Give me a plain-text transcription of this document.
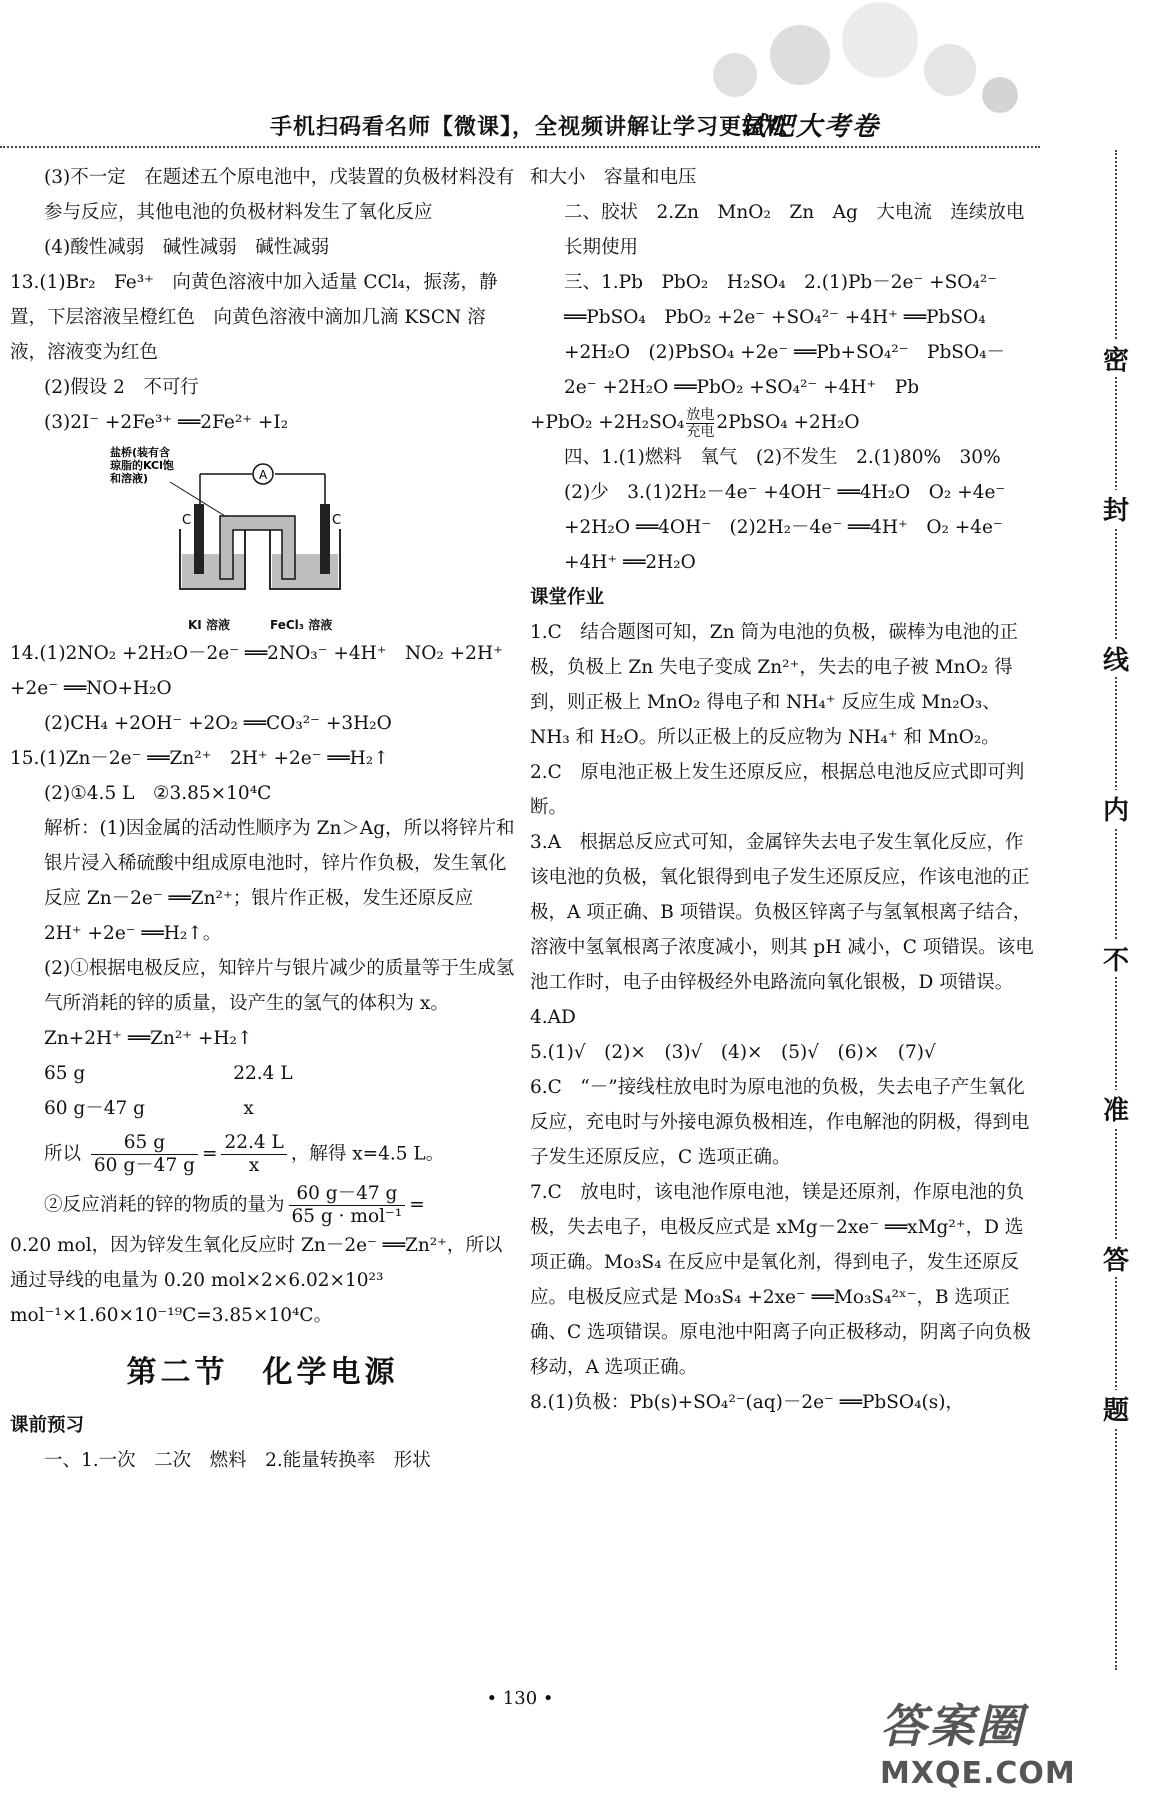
手机扫码看名师【微课】，全视频讲解让学习更轻松
试吧大考卷

(3)不一定　在题述五个原电池中，戊装置的负极材料没有参与反应，其他电池的负极材料发生了氧化反应

(4)酸性减弱　碱性减弱　碱性减弱

13.(1)Br₂　Fe³⁺　向黄色溶液中加入适量 CCl₄，振荡，静置，下层溶液呈橙红色　向黄色溶液中滴加几滴 KSCN 溶液，溶液变为红色

(2)假设 2　不可行

(3)2I⁻ +2Fe³⁺ ══2Fe²⁺ +I₂

盐桥(装有含
琼脂的KCl饱
和溶液)	A
C	C
KI 溶液	FeCl₃ 溶液

14.(1)2NO₂ +2H₂O－2e⁻ ══2NO₃⁻ +4H⁺　NO₂ +2H⁺ +2e⁻ ══NO+H₂O

(2)CH₄ +2OH⁻ +2O₂ ══CO₃²⁻ +3H₂O

15.(1)Zn－2e⁻ ══Zn²⁺　2H⁺ +2e⁻ ══H₂↑

(2)①4.5 L　②3.85×10⁴C

解析：(1)因金属的活动性顺序为 Zn＞Ag，所以将锌片和银片浸入稀硫酸中组成原电池时，锌片作负极，发生氧化反应 Zn－2e⁻ ══Zn²⁺；银片作正极，发生还原反应 2H⁺ +2e⁻ ══H₂↑。

(2)①根据电极反应，知锌片与银片减少的质量等于生成氢气所消耗的锌的质量，设产生的氢气的体积为 x。

Zn+2H⁺ ══Zn²⁺ +H₂↑

65 g　　　　　　　　22.4 L

60 g－47 g　　　　　 x

所以 $\frac{65 g}{60 g-47 g} = \frac{22.4 L}{x}$ ，解得 x=4.5 L。

②反应消耗的锌的物质的量为 $\frac{60 g-47 g}{\text{65 g · mol⁻¹}}$ =

0.20 mol，因为锌发生氧化反应时 Zn－2e⁻ ══Zn²⁺，所以通过导线的电量为 0.20 mol×2×6.02×10²³ mol⁻¹×1.60×10⁻¹⁹C=3.85×10⁴C。

第二节　化学电源

课前预习

一、1.一次　二次　燃料　2.能量转换率　形状

和大小　容量和电压

二、胶状　2.Zn　MnO₂　Zn　Ag　大电流　连续放电　长期使用

三、1.Pb　PbO₂　H₂SO₄　2.(1)Pb－2e⁻ +SO₄²⁻ ══PbSO₄　PbO₂ +2e⁻ +SO₄²⁻ +4H⁺ ══PbSO₄ +2H₂O　(2)PbSO₄ +2e⁻ ══Pb+SO₄²⁻　PbSO₄－2e⁻ +2H₂O ══PbO₂ +SO₄²⁻ +4H⁺　Pb

+PbO₂ +2H₂SO₄ 放电
充电 2PbSO₄ +2H₂O

四、1.(1)燃料　氧气　(2)不发生　2.(1)80%　30%　(2)少　3.(1)2H₂－4e⁻ +4OH⁻ ══4H₂O　O₂ +4e⁻ +2H₂O ══4OH⁻　(2)2H₂－4e⁻ ══4H⁺　O₂ +4e⁻ +4H⁺ ══2H₂O

课堂作业

1.C　结合题图可知，Zn 筒为电池的负极，碳棒为电池的正极，负极上 Zn 失电子变成 Zn²⁺，失去的电子被 MnO₂ 得到，则正极上 MnO₂ 得电子和 NH₄⁺ 反应生成 Mn₂O₃、NH₃ 和 H₂O。所以正极上的反应物为 NH₄⁺ 和 MnO₂。

2.C　原电池正极上发生还原反应，根据总电池反应式即可判断。

3.A　根据总反应式可知，金属锌失去电子发生氧化反应，作该电池的负极，氧化银得到电子发生还原反应，作该电池的正极，A 项正确、B 项错误。负极区锌离子与氢氧根离子结合，溶液中氢氧根离子浓度减小，则其 pH 减小，C 项错误。该电池工作时，电子由锌极经外电路流向氧化银极，D 项错误。

4.AD

5.(1)√　(2)×　(3)√　(4)×　(5)√　(6)×　(7)√

6.C　“－”接线柱放电时为原电池的负极，失去电子产生氧化反应，充电时与外接电源负极相连，作电解池的阴极，得到电子发生还原反应，C 选项正确。

7.C　放电时，该电池作原电池，镁是还原剂，作原电池的负极，失去电子，电极反应式是 xMg－2xe⁻ ══xMg²⁺，D 选项正确。Mo₃S₄ 在反应中是氧化剂，得到电子，发生还原反应。电极反应式是 Mo₃S₄ +2xe⁻ ══Mo₃S₄²ˣ⁻，B 选项正确、C 选项错误。原电池中阳离子向正极移动，阴离子向负极移动，A 选项正确。

8.(1)负极：Pb(s)+SO₄²⁻(aq)－2e⁻ ══PbSO₄(s)，

• 130 •
密
封
线
内
不
准
答
题
答案圈
MXQE.COM
